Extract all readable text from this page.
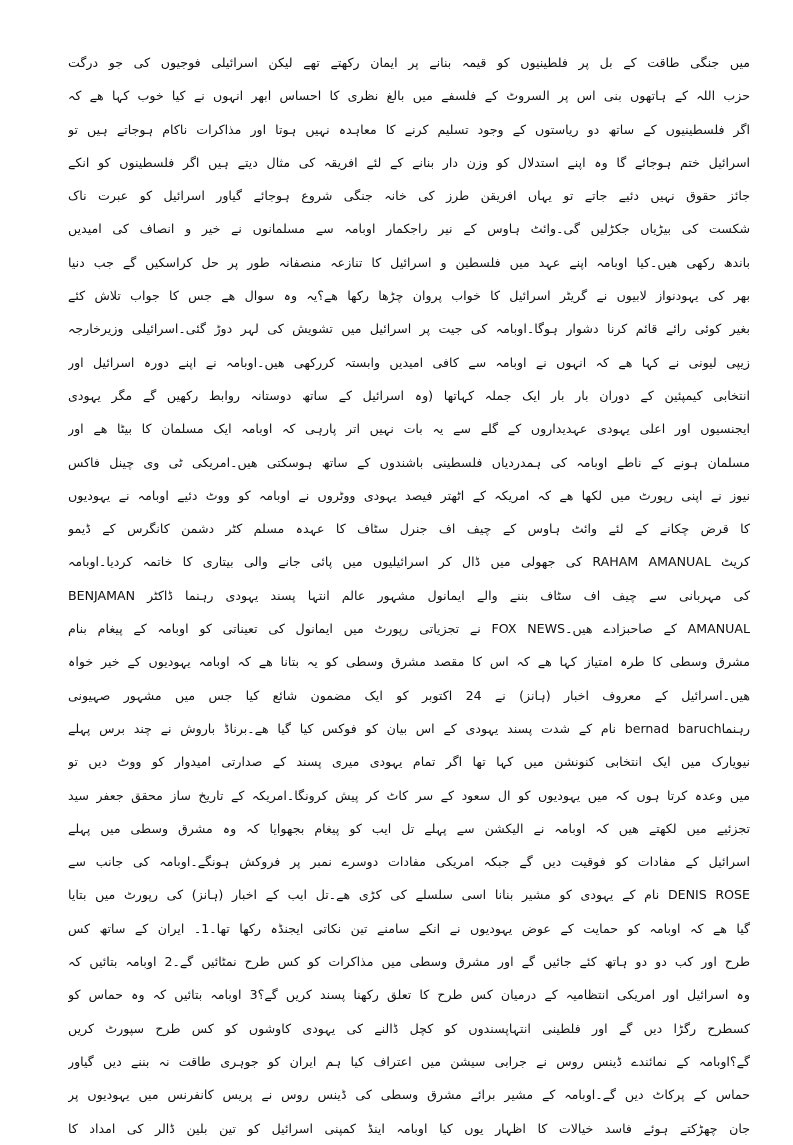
میں جنگی طاقت کے بل پر فلطینیوں کو قیمہ بنانے پر ایمان رکھتے تھے لیکن اسرائیلی فوجیوں کی جو درگت
حزب اللہ کے ہاتھوں بنی اس پر السروٹ کے فلسفے میں بالغ نظری کا احساس ابھر انہوں نے کیا خوب کہا ھے کہ
اگر فلسطینیوں کے ساتھ دو ریاستوں کے وجود تسلیم کرنے کا معاہدہ نہیں ہوتا اور مذاکرات ناکام ہوجاتے ہیں تو
اسرائیل ختم ہوجائے گا وہ اپنے استدلال کو وزن دار بنانے کے لئے افریقہ کی مثال دیتے ہیں اگر فلسطینوں کو انکے
جائز حقوق نہیں دئیے جاتے تو یہاں افریقن طرز کی خانہ جنگی شروع ہوجائے گیاور اسرائیل کو عبرت ناک
شکست کی بیڑیاں جکڑلیں گی۔وائٹ ہاوس کے نیر راجکمار اوبامہ سے مسلمانوں نے خیر و انصاف کی امیدیں
باندھ رکھی ھیں۔کیا اوبامہ اپنے عہد میں فلسطین و اسرائیل کا تنازعہ منصفانہ طور پر حل کراسکیں گے جب دنیا
بھر کی یہودنواز لابیوں نے گریٹر اسرائیل کا خواب پروان چڑھا رکھا ھے؟یہ وہ سوال ھے جس کا جواب تلاش کئے
بغیر کوئی رائے قائم کرنا دشوار ہوگا۔اوبامہ کی جیت پر اسرائیل میں تشویش کی لہر دوڑ گئی۔اسرائیلی وزیرخارجہ
زیپی لیونی نے کہا ھے کہ انہوں نے اوبامہ سے کافی امیدیں وابستہ کررکھی ھیں۔اوبامہ نے اپنے دورہ اسرائیل اور
انتخابی کیمپئین کے دوران بار بار ایک جملہ کہاتھا (وہ اسرائیل کے ساتھ دوستانہ روابط رکھیں گے مگر یہودی
ایجنسیوں اور اعلی یہودی عہدیداروں کے گلے سے یہ بات نہیں اتر پارہی کہ اوبامہ ایک مسلمان کا بیٹا ھے اور
مسلمان ہونے کے ناطے اوبامہ کی ہمدردیاں فلسطینی باشندوں کے ساتھ ہوسکتی ھیں۔امریکی ٹی وی چینل فاکس
نیوز نے اپنی رپورٹ میں لکھا ھے کہ امریکہ کے اٹھتر فیصد یہودی ووٹروں نے اوبامہ کو ووٹ دئیے اوبامہ نے یہودیوں
کا قرض چکانے کے لئے وائٹ ہاوس کے چیف اف جنرل سٹاف کا عہدہ مسلم کٹر دشمن کانگرس کے ڈیمو
کریٹ RAHAM AMANUAL کی جھولی میں ڈال کر اسرائیلیوں میں پائی جانے والی بیتاری کا خاتمہ کردیا۔اوبامہ
کی مہربانی سے چیف اف سٹاف بننے والے ایمانول مشہور عالم انتہا پسند یہودی رہنما ڈاکٹر BENJAMAN
AMANUAL کے صاحبزادے ھیں۔FOX NEWS نے تجزیاتی رپورٹ میں ایمانول کی تعیناتی کو اوبامہ کے پیغام بنام
مشرق وسطی کا طرہ امتیاز کہا ھے کہ اس کا مقصد مشرق وسطی کو یہ بتانا ھے کہ اوبامہ یہودیوں کے خیر خواہ
ھیں۔اسرائیل کے معروف اخبار (ہانز) نے 24 اکتوبر کو ایک مضمون شائع کیا جس میں مشہور صہیونی
رہنماbernad baruch نام کے شدت پسند یہودی کے اس بیان کو فوکس کیا گیا ھے۔برناڈ باروش نے چند برس پہلے
نیویارک میں ایک انتخابی کنونشن میں کہا تھا اگر تمام یہودی میری پسند کے صدارتی امیدوار کو ووٹ دیں تو
میں وعدہ کرتا ہوں کہ میں یہودیوں کو ال سعود کے سر کاٹ کر پیش کرونگا۔امریکہ کے تاریخ ساز محقق جعفر سید
تجزئیے میں لکھتے ھیں کہ اوبامہ نے الیکشن سے پہلے تل ایب کو پیغام بجھوایا کہ وہ مشرق وسطی میں پہلے
اسرائیل کے مفادات کو فوقیت دیں گے جبکہ امریکی مفادات دوسرے نمبر پر فروکش ہونگے۔اوبامہ کی جانب سے
DENIS ROSE نام کے یہودی کو مشیر بنانا اسی سلسلے کی کڑی ھے۔تل ایب کے اخبار (ہانز) کی رپورٹ میں بتایا
گیا ھے کہ اوبامہ کو حمایت کے عوض یہودیوں نے انکے سامنے تین نکاتی ایجنڈہ رکھا تھا۔1۔ ایران کے ساتھ کس
طرح اور کب دو دو ہاتھ کئے جائیں گے اور مشرق وسطی میں مذاکرات کو کس طرح نمٹائیں گے۔2 اوبامہ بتائیں کہ
وہ اسرائیل اور امریکی انتظامیہ کے درمیان کس طرح کا تعلق رکھنا پسند کریں گے؟3 اوبامہ بتائیں کہ وہ حماس کو
کسطرح رگڑا دیں گے اور فلطینی انتہاپسندوں کو کچل ڈالنے کی یہودی کاوشوں کو کس طرح سپورٹ کریں
گے؟اوبامہ کے نمائندے ڈینس روس نے جرابی سیشن میں اعتراف کیا ہم ایران کو جوہری طاقت نہ بننے دیں گیاور
حماس کے پرکاٹ دیں گے۔اوبامہ کے مشیر برائے مشرق وسطی کی ڈینس روس نے پریس کانفرنس میں یہودیوں پر
جان چھڑکتے ہوئے فاسد خیالات کا اظہار یوں کیا اوبامہ اینڈ کمپنی اسرائیل کو تین بلین ڈالر کی امداد کا
